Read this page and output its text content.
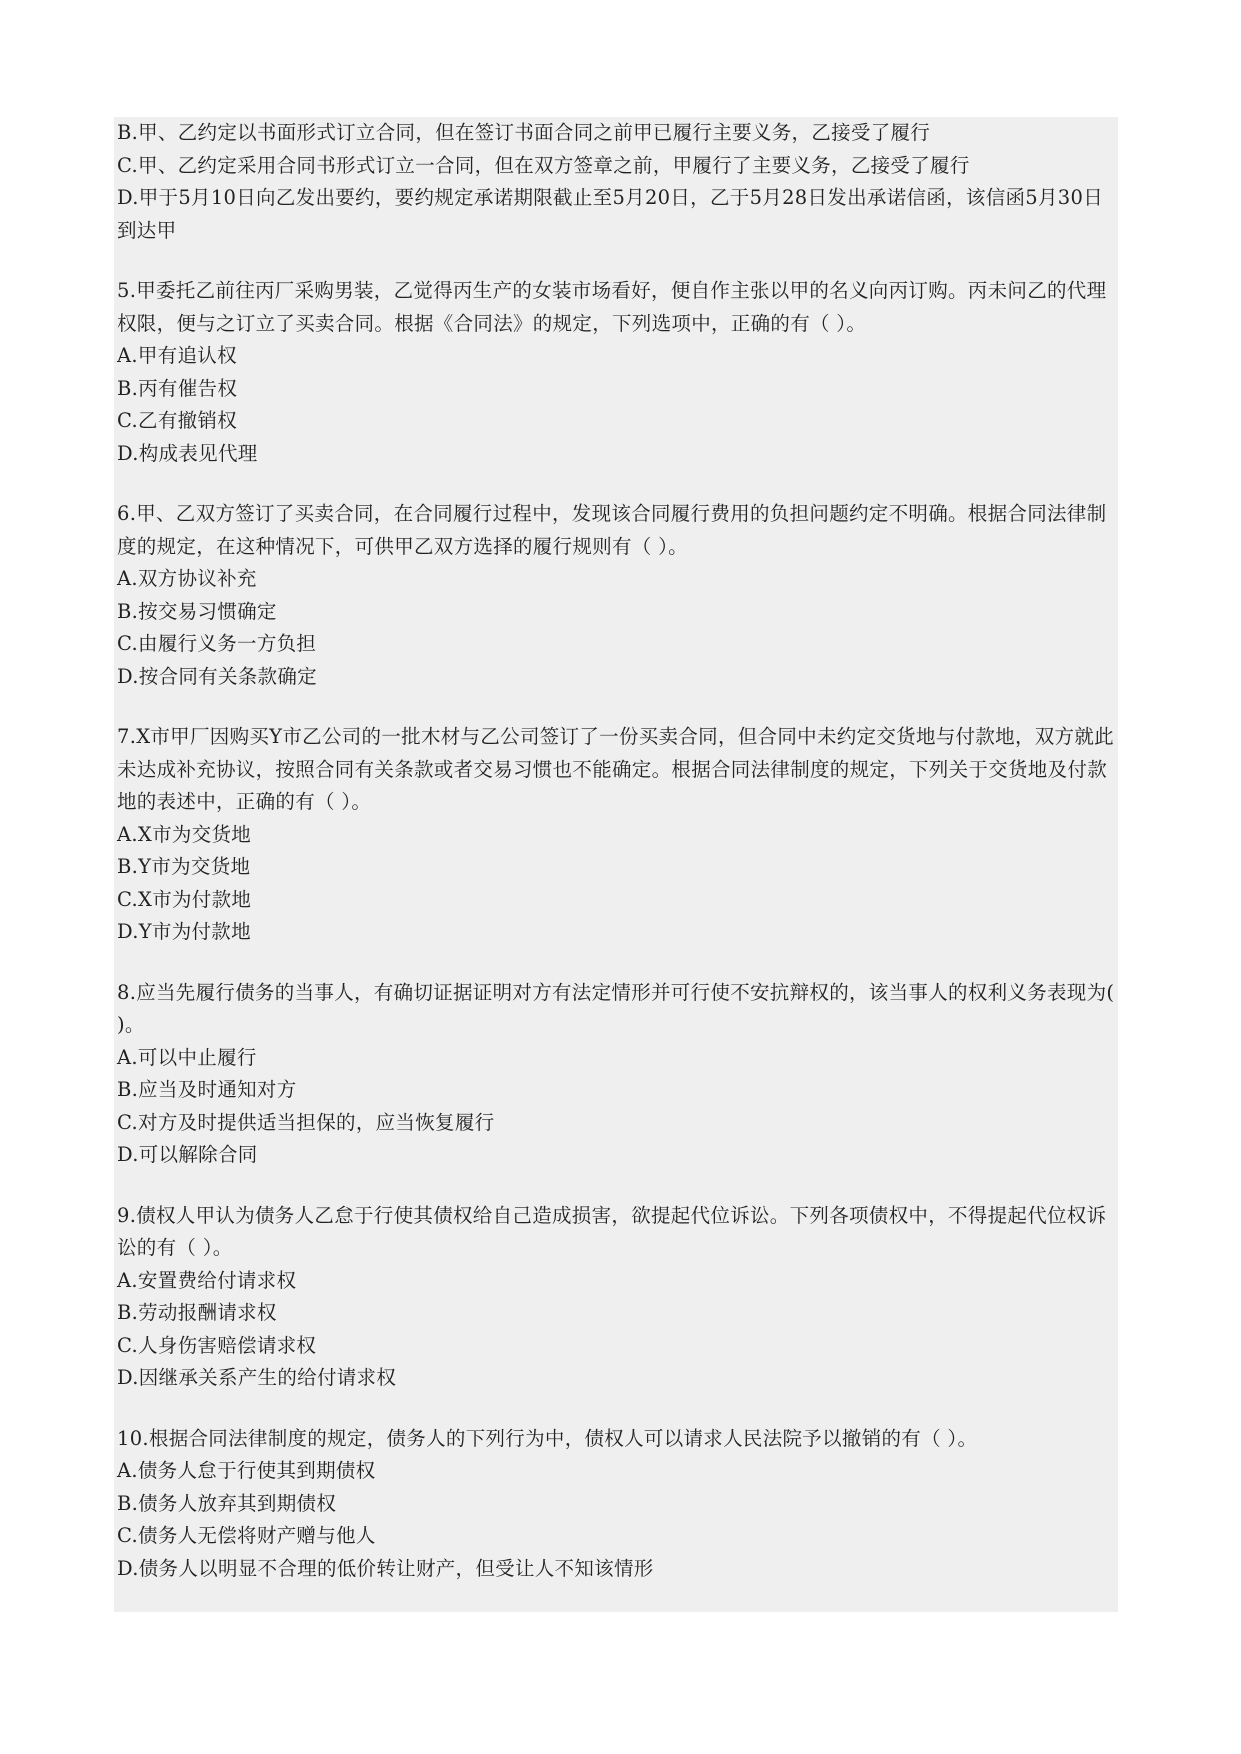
B.甲、乙约定以书面形式订立合同，但在签订书面合同之前甲已履行主要义务，乙接受了履行

C.甲、乙约定采用合同书形式订立一合同，但在双方签章之前，甲履行了主要义务，乙接受了履行

D.甲于5月10日向乙发出要约，要约规定承诺期限截止至5月20日，乙于5月28日发出承诺信函，该信函5月30日到达甲

5.甲委托乙前往丙厂采购男装，乙觉得丙生产的女装市场看好，便自作主张以甲的名义向丙订购。丙未问乙的代理权限，便与之订立了买卖合同。根据《合同法》的规定，下列选项中，正确的有（ ）。

A.甲有追认权

B.丙有催告权

C.乙有撤销权

D.构成表见代理

6.甲、乙双方签订了买卖合同，在合同履行过程中，发现该合同履行费用的负担问题约定不明确。根据合同法律制度的规定，在这种情况下，可供甲乙双方选择的履行规则有（ ）。

A.双方协议补充

B.按交易习惯确定

C.由履行义务一方负担

D.按合同有关条款确定

7.X市甲厂因购买Y市乙公司的一批木材与乙公司签订了一份买卖合同，但合同中未约定交货地与付款地，双方就此未达成补充协议，按照合同有关条款或者交易习惯也不能确定。根据合同法律制度的规定，下列关于交货地及付款地的表述中，正确的有（ ）。

A.X市为交货地

B.Y市为交货地

C.X市为付款地

D.Y市为付款地

8.应当先履行债务的当事人，有确切证据证明对方有法定情形并可行使不安抗辩权的，该当事人的权利义务表现为( )。

A.可以中止履行

B.应当及时通知对方

C.对方及时提供适当担保的，应当恢复履行

D.可以解除合同

9.债权人甲认为债务人乙怠于行使其债权给自己造成损害，欲提起代位诉讼。下列各项债权中，不得提起代位权诉讼的有（ ）。

A.安置费给付请求权

B.劳动报酬请求权

C.人身伤害赔偿请求权

D.因继承关系产生的给付请求权

10.根据合同法律制度的规定，债务人的下列行为中，债权人可以请求人民法院予以撤销的有（ ）。

A.债务人怠于行使其到期债权

B.债务人放弃其到期债权

C.债务人无偿将财产赠与他人

D.债务人以明显不合理的低价转让财产，但受让人不知该情形
